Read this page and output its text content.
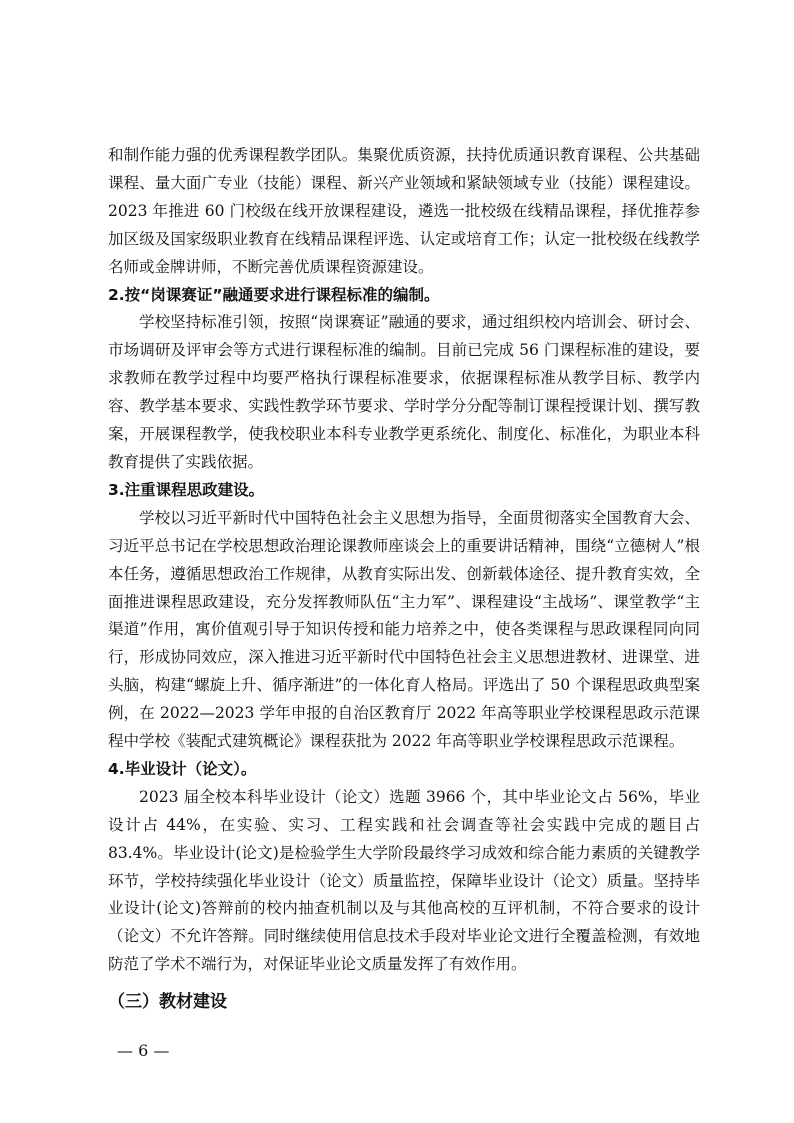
和制作能力强的优秀课程教学团队。集聚优质资源，扶持优质通识教育课程、公共基础课程、量大面广专业（技能）课程、新兴产业领域和紧缺领域专业（技能）课程建设。2023 年推进 60 门校级在线开放课程建设，遴选一批校级在线精品课程，择优推荐参加区级及国家级职业教育在线精品课程评选、认定或培育工作；认定一批校级在线教学名师或金牌讲师，不断完善优质课程资源建设。

2.按“岗课赛证”融通要求进行课程标准的编制。

学校坚持标准引领，按照“岗课赛证”融通的要求，通过组织校内培训会、研讨会、市场调研及评审会等方式进行课程标准的编制。目前已完成 56 门课程标准的建设，要求教师在教学过程中均要严格执行课程标准要求，依据课程标准从教学目标、教学内容、教学基本要求、实践性教学环节要求、学时学分分配等制订课程授课计划、撰写教案，开展课程教学，使我校职业本科专业教学更系统化、制度化、标准化，为职业本科教育提供了实践依据。

3.注重课程思政建设。

学校以习近平新时代中国特色社会主义思想为指导，全面贯彻落实全国教育大会、习近平总书记在学校思想政治理论课教师座谈会上的重要讲话精神，围绕“立德树人”根本任务，遵循思想政治工作规律，从教育实际出发、创新载体途径、提升教育实效，全面推进课程思政建设，充分发挥教师队伍“主力军”、课程建设“主战场”、课堂教学“主渠道”作用，寓价值观引导于知识传授和能力培养之中，使各类课程与思政课程同向同行，形成协同效应，深入推进习近平新时代中国特色社会主义思想进教材、进课堂、进头脑，构建“螺旋上升、循序渐进”的一体化育人格局。评选出了 50 个课程思政典型案例，在 2022—2023 学年申报的自治区教育厅 2022 年高等职业学校课程思政示范课程中学校《装配式建筑概论》课程获批为 2022 年高等职业学校课程思政示范课程。

4.毕业设计（论文）。

2023 届全校本科毕业设计（论文）选题 3966 个，其中毕业论文占 56%，毕业设计占 44%，在实验、实习、工程实践和社会调查等社会实践中完成的题目占 83.4%。毕业设计(论文)是检验学生大学阶段最终学习成效和综合能力素质的关键教学环节，学校持续强化毕业设计（论文）质量监控，保障毕业设计（论文）质量。坚持毕业设计(论文)答辩前的校内抽查机制以及与其他高校的互评机制，不符合要求的设计（论文）不允许答辩。同时继续使用信息技术手段对毕业论文进行全覆盖检测，有效地防范了学术不端行为，对保证毕业论文质量发挥了有效作用。

（三）教材建设

— 6 —
